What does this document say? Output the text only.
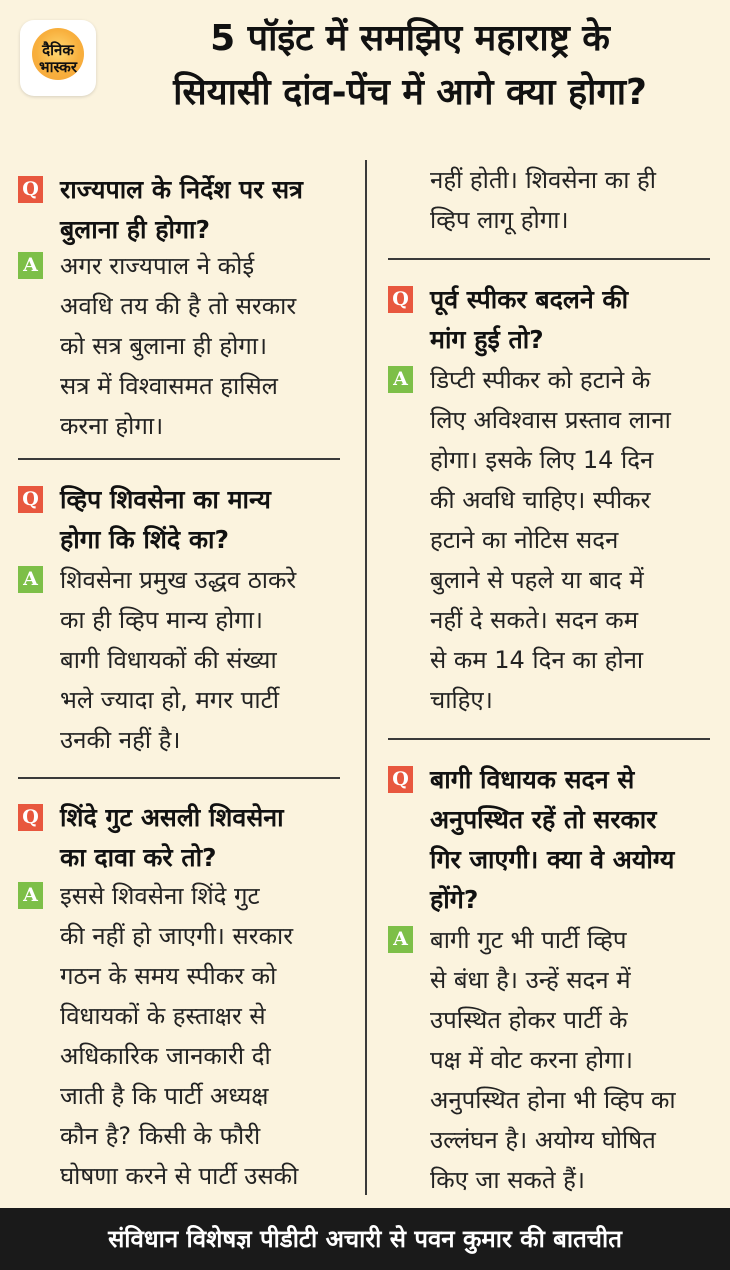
दैनिक
भास्कर
5 पॉइंट में समझिए महाराष्ट्र के
सियासी दांव-पेंच में आगे क्या होगा?
Q राज्यपाल के निर्देश पर सत्र
बुलाना ही होगा?
A अगर राज्यपाल ने कोई
अवधि तय की है तो सरकार
को सत्र बुलाना ही होगा।
सत्र में विश्वासमत हासिल
करना होगा।
Q व्हिप शिवसेना का मान्य
होगा कि शिंदे का?
A शिवसेना प्रमुख उद्धव ठाकरे
का ही व्हिप मान्य होगा।
बागी विधायकों की संख्या
भले ज्यादा हो, मगर पार्टी
उनकी नहीं है।
Q शिंदे गुट असली शिवसेना
का दावा करे तो?
A इससे शिवसेना शिंदे गुट
की नहीं हो जाएगी। सरकार
गठन के समय स्पीकर को
विधायकों के हस्ताक्षर से
अधिकारिक जानकारी दी
जाती है कि पार्टी अध्यक्ष
कौन है? किसी के फौरी
घोषणा करने से पार्टी उसकी
नहीं होती। शिवसेना का ही
व्हिप लागू होगा।
Q पूर्व स्पीकर बदलने की
मांग हुई तो?
A डिप्टी स्पीकर को हटाने के
लिए अविश्वास प्रस्ताव लाना
होगा। इसके लिए 14 दिन
की अवधि चाहिए। स्पीकर
हटाने का नोटिस सदन
बुलाने से पहले या बाद में
नहीं दे सकते। सदन कम
से कम 14 दिन का होना
चाहिए।
Q बागी विधायक सदन से
अनुपस्थित रहें तो सरकार
गिर जाएगी। क्या वे अयोग्य
होंगे?
A बागी गुट भी पार्टी व्हिप
से बंधा है। उन्हें सदन में
उपस्थित होकर पार्टी के
पक्ष में वोट करना होगा।
अनुपस्थित होना भी व्हिप का
उल्लंघन है। अयोग्य घोषित
किए जा सकते हैं।
संविधान विशेषज्ञ पीडीटी अचारी से पवन कुमार की बातचीत
